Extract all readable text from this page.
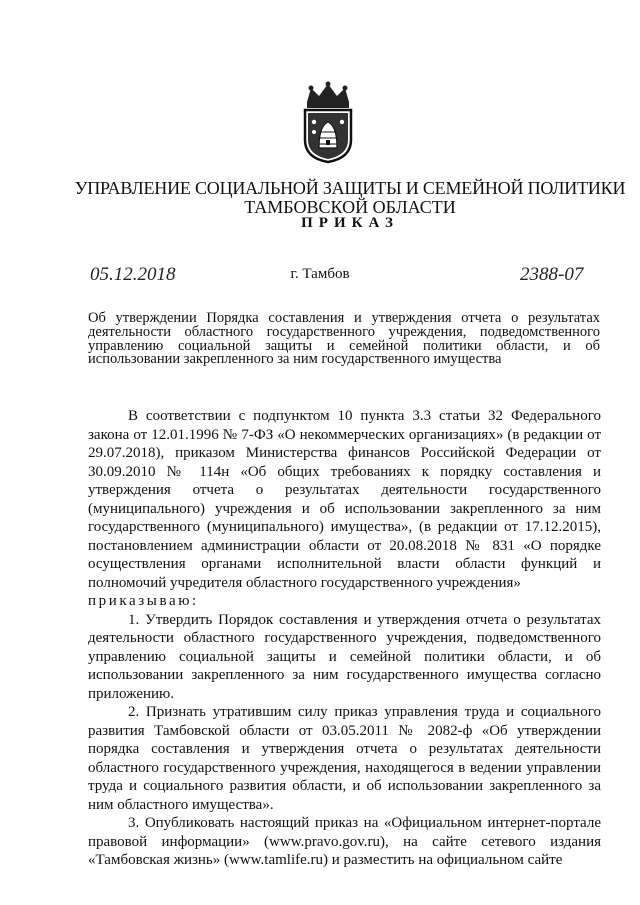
УПРАВЛЕНИЕ СОЦИАЛЬНОЙ ЗАЩИТЫ И СЕМЕЙНОЙ ПОЛИТИКИ
ТАМБОВСКОЙ ОБЛАСТИ
ПРИКАЗ
05.12.2018	г. Тамбов	2388-07
Об утверждении Порядка составления и утверждения отчета о результатах деятельности областного государственного учреждения, подведомственного управлению социальной защиты и семейной политики области, и об использовании закрепленного за ним государственного имущества

В соответствии с подпунктом 10 пункта 3.3 статьи 32 Федерального закона от 12.01.1996 № 7-ФЗ «О некоммерческих организациях» (в редакции от 29.07.2018), приказом Министерства финансов Российской Федерации от 30.09.2010 № 114н «Об общих требованиях к порядку составления и утверждения отчета о результатах деятельности государственного (муниципального) учреждения и об использовании закрепленного за ним государственного (муниципального) имущества», (в редакции от 17.12.2015), постановлением администрации области от 20.08.2018 № 831 «О порядке осуществления органами исполнительной власти области функций и полномочий учредителя областного государственного учреждения»

приказываю:

1. Утвердить Порядок составления и утверждения отчета о результатах деятельности областного государственного учреждения, подведомственного управлению социальной защиты и семейной политики области, и об использовании закрепленного за ним государственного имущества согласно приложению.

2. Признать утратившим силу приказ управления труда и социального развития Тамбовской области от 03.05.2011 № 2082-ф «Об утверждении порядка составления и утверждения отчета о результатах деятельности областного государственного учреждения, находящегося в ведении управлении труда и социального развития области, и об использовании закрепленного за ним областного имущества».

3. Опубликовать настоящий приказ на «Официальном интернет-портале правовой информации» (www.pravo.gov.ru), на сайте сетевого издания «Тамбовская жизнь» (www.tamlife.ru) и разместить на официальном сайте
